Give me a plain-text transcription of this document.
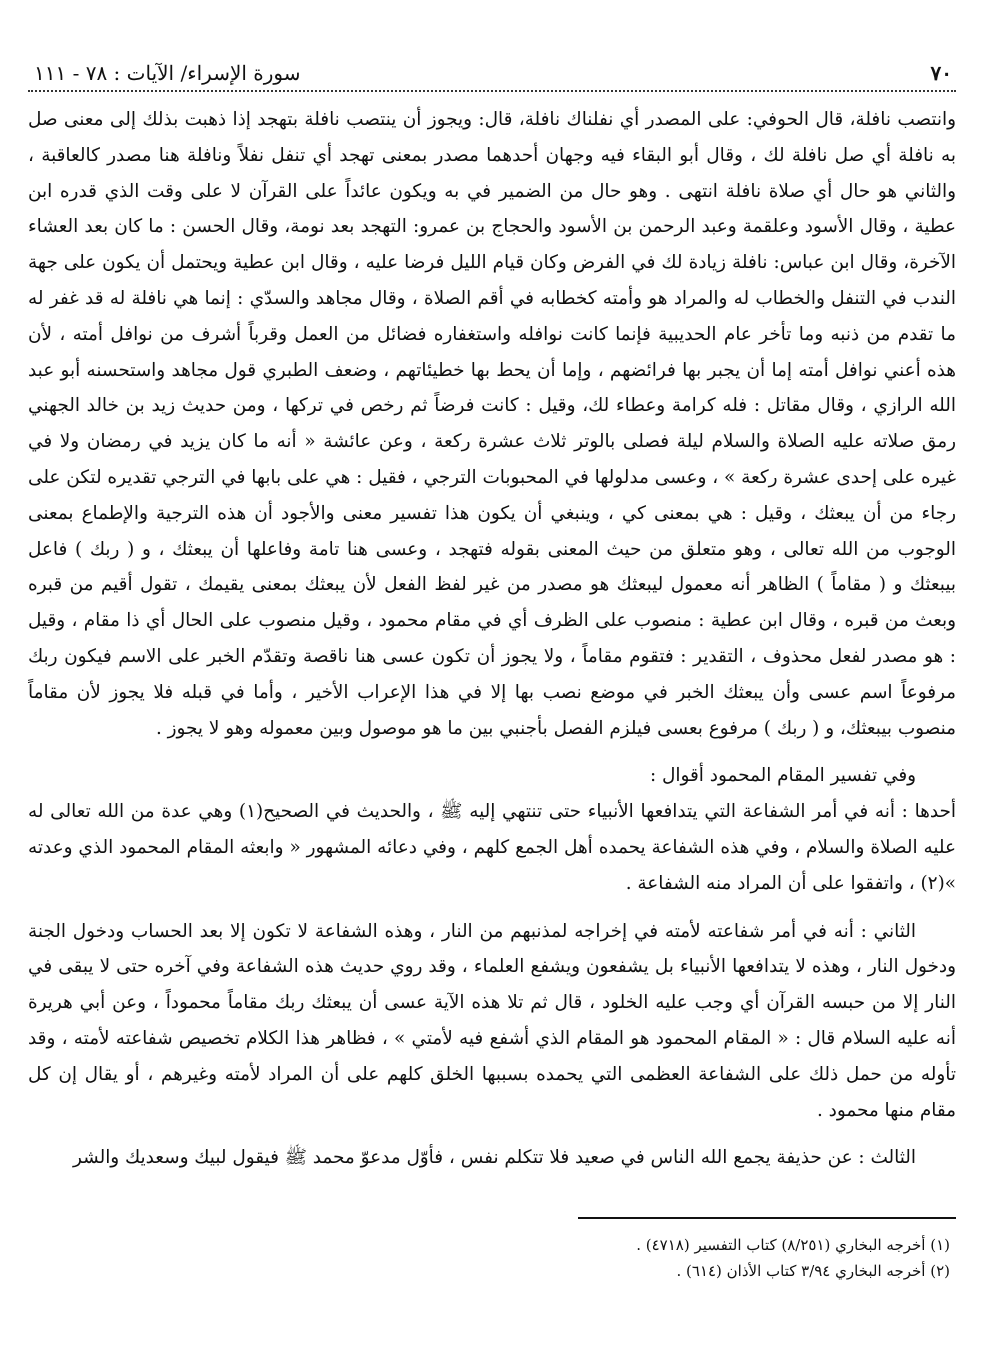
٧٠
سورة الإسراء/ الآيات : ٧٨ - ١١١

وانتصب نافلة، قال الحوفي: على المصدر أي نفلناك نافلة، قال: ويجوز أن ينتصب نافلة بتهجد إذا ذهبت بذلك إلى معنى صل به نافلة أي صل نافلة لك ، وقال أبو البقاء فيه وجهان أحدهما مصدر بمعنى تهجد أي تنفل نفلاً ونافلة هنا مصدر كالعاقبة ، والثاني هو حال أي صلاة نافلة انتهى . وهو حال من الضمير في به ويكون عائداً على القرآن لا على وقت الذي قدره ابن عطية ، وقال الأسود وعلقمة وعبد الرحمن بن الأسود والحجاج بن عمرو: التهجد بعد نومة، وقال الحسن : ما كان بعد العشاء الآخرة، وقال ابن عباس: نافلة زيادة لك في الفرض وكان قيام الليل فرضا عليه ، وقال ابن عطية ويحتمل أن يكون على جهة الندب في التنفل والخطاب له والمراد هو وأمته كخطابه في أقم الصلاة ، وقال مجاهد والسدّي : إنما هي نافلة له قد غفر له ما تقدم من ذنبه وما تأخر عام الحديبية فإنما كانت نوافله واستغفاره فضائل من العمل وقرباً أشرف من نوافل أمته ، لأن هذه أعني نوافل أمته إما أن يجبر بها فرائضهم ، وإما أن يحط بها خطيئاتهم ، وضعف الطبري قول مجاهد واستحسنه أبو عبد الله الرازي ، وقال مقاتل : فله كرامة وعطاء لك، وقيل : كانت فرضاً ثم رخص في تركها ، ومن حديث زيد بن خالد الجهني رمق صلاته عليه الصلاة والسلام ليلة فصلى بالوتر ثلاث عشرة ركعة ، وعن عائشة « أنه ما كان يزيد في رمضان ولا في غيره على إحدى عشرة ركعة » ، وعسى مدلولها في المحبوبات الترجي ، فقيل : هي على بابها في الترجي تقديره لتكن على رجاء من أن يبعثك ، وقيل : هي بمعنى كي ، وينبغي أن يكون هذا تفسير معنى والأجود أن هذه الترجية والإطماع بمعنى الوجوب من الله تعالى ، وهو متعلق من حيث المعنى بقوله فتهجد ، وعسى هنا تامة وفاعلها أن يبعثك ، و ( ربك ) فاعل بيبعثك و ( مقاماً ) الظاهر أنه معمول ليبعثك هو مصدر من غير لفظ الفعل لأن يبعثك بمعنى يقيمك ، تقول أقيم من قبره وبعث من قبره ، وقال ابن عطية : منصوب على الظرف أي في مقام محمود ، وقيل منصوب على الحال أي ذا مقام ، وقيل : هو مصدر لفعل محذوف ، التقدير : فتقوم مقاماً ، ولا يجوز أن تكون عسى هنا ناقصة وتقدّم الخبر على الاسم فيكون ربك مرفوعاً اسم عسى وأن يبعثك الخبر في موضع نصب بها إلا في هذا الإعراب الأخير ، وأما في قبله فلا يجوز لأن مقاماً منصوب بيبعثك، و ( ربك ) مرفوع بعسى فيلزم الفصل بأجنبي بين ما هو موصول وبين معموله وهو لا يجوز .

وفي تفسير المقام المحمود أقوال :

أحدها : أنه في أمر الشفاعة التي يتدافعها الأنبياء حتى تنتهي إليه ﷺ ، والحديث في الصحيح(١) وهي عدة من الله تعالى له عليه الصلاة والسلام ، وفي هذه الشفاعة يحمده أهل الجمع كلهم ، وفي دعائه المشهور « وابعثه المقام المحمود الذي وعدته »(٢) ، واتفقوا على أن المراد منه الشفاعة .

الثاني : أنه في أمر شفاعته لأمته في إخراجه لمذنبهم من النار ، وهذه الشفاعة لا تكون إلا بعد الحساب ودخول الجنة ودخول النار ، وهذه لا يتدافعها الأنبياء بل يشفعون ويشفع العلماء ، وقد روي حديث هذه الشفاعة وفي آخره حتى لا يبقى في النار إلا من حبسه القرآن أي وجب عليه الخلود ، قال ثم تلا هذه الآية عسى أن يبعثك ربك مقاماً محموداً ، وعن أبي هريرة أنه عليه السلام قال : « المقام المحمود هو المقام الذي أشفع فيه لأمتي » ، فظاهر هذا الكلام تخصيص شفاعته لأمته ، وقد تأوله من حمل ذلك على الشفاعة العظمى التي يحمده بسببها الخلق كلهم على أن المراد لأمته وغيرهم ، أو يقال إن كل مقام منها محمود .

الثالث : عن حذيفة يجمع الله الناس في صعيد فلا تتكلم نفس ، فأوّل مدعوّ محمد ﷺ فيقول لبيك وسعديك والشر

(١) أخرجه البخاري (٨/٢٥١) كتاب التفسير (٤٧١٨) .

(٢) أخرجه البخاري ٣/٩٤ كتاب الأذان (٦١٤) .
